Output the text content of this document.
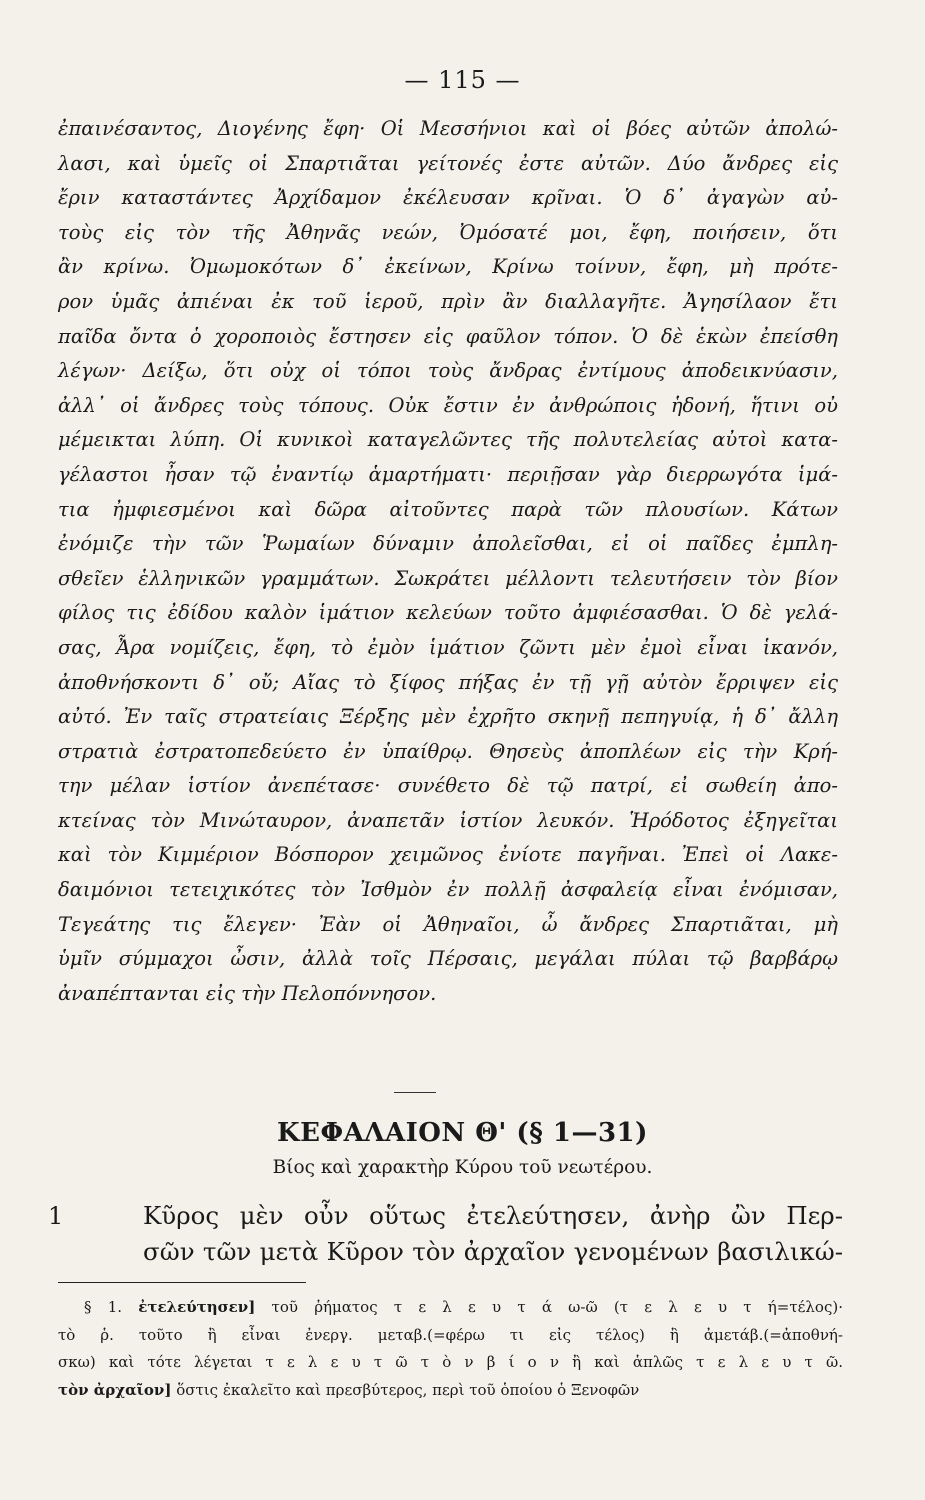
— 115 —
ἐπαινέσαντος, Διογένης ἔφη· Οἱ Μεσσήνιοι καὶ οἱ βόες αὐτῶν ἀπολώ-
λασι, καὶ ὑμεῖς οἱ Σπαρτιᾶται γείτονές ἐστε αὐτῶν. Δύο ἄνδρες εἰς
ἔριν καταστάντες Ἀρχίδαμον ἐκέλευσαν κρῖναι. Ὁ δ᾽ ἀγαγὼν αὐ-
τοὺς εἰς τὸν τῆς Ἀθηνᾶς νεών, Ὀμόσατέ μοι, ἔφη, ποιήσειν, ὅτι
ἂν κρίνω. Ὀμωμοκότων δ᾽ ἐκείνων, Κρίνω τοίνυν, ἔφη, μὴ πρότε-
ρον ὑμᾶς ἀπιέναι ἐκ τοῦ ἱεροῦ, πρὶν ἂν διαλλαγῆτε. Ἀγησίλαον ἔτι
παῖδα ὄντα ὁ χοροποιὸς ἔστησεν εἰς φαῦλον τόπον. Ὁ δὲ ἑκὼν ἐπείσθη
λέγων· Δείξω, ὅτι οὐχ οἱ τόποι τοὺς ἄνδρας ἐντίμους ἀποδεικνύασιν,
ἀλλ᾽ οἱ ἄνδρες τοὺς τόπους. Οὐκ ἔστιν ἐν ἀνθρώποις ἡδονή, ἥτινι οὐ
μέμεικται λύπη. Οἱ κυνικοὶ καταγελῶντες τῆς πολυτελείας αὐτοὶ κατα-
γέλαστοι ἦσαν τῷ ἐναντίῳ ἁμαρτήματι· περιῇσαν γὰρ διερρωγότα ἱμά-
τια ἠμφιεσμένοι καὶ δῶρα αἰτοῦντες παρὰ τῶν πλουσίων. Κάτων
ἐνόμιζε τὴν τῶν Ῥωμαίων δύναμιν ἀπολεῖσθαι, εἰ οἱ παῖδες ἐμπλη-
σθεῖεν ἑλληνικῶν γραμμάτων. Σωκράτει μέλλοντι τελευτήσειν τὸν βίον
φίλος τις ἐδίδου καλὸν ἱμάτιον κελεύων τοῦτο ἀμφιέσασθαι. Ὁ δὲ γελά-
σας, Ἆρα νομίζεις, ἔφη, τὸ ἐμὸν ἱμάτιον ζῶντι μὲν ἐμοὶ εἶναι ἱκανόν,
ἀποθνήσκοντι δ᾽ οὔ; Αἴας τὸ ξίφος πήξας ἐν τῇ γῇ αὐτὸν ἔρριψεν εἰς
αὐτό. Ἐν ταῖς στρατείαις Ξέρξης μὲν ἐχρῆτο σκηνῇ πεπηγυίᾳ, ἡ δ᾽ ἄλλη
στρατιὰ ἐστρατοπεδεύετο ἐν ὑπαίθρῳ. Θησεὺς ἀποπλέων εἰς τὴν Κρή-
την μέλαν ἱστίον ἀνεπέτασε· συνέθετο δὲ τῷ πατρί, εἰ σωθείη ἀπο-
κτείνας τὸν Μινώταυρον, ἀναπετᾶν ἱστίον λευκόν. Ἡρόδοτος ἐξηγεῖται
καὶ τὸν Κιμμέριον Βόσπορον χειμῶνος ἐνίοτε παγῆναι. Ἐπεὶ οἱ Λακε-
δαιμόνιοι τετειχικότες τὸν Ἰσθμὸν ἐν πολλῇ ἀσφαλείᾳ εἶναι ἐνόμισαν,
Τεγεάτης τις ἔλεγεν· Ἐὰν οἱ Ἀθηναῖοι, ὦ ἄνδρες Σπαρτιᾶται, μὴ
ὑμῖν σύμμαχοι ὦσιν, ἀλλὰ τοῖς Πέρσαις, μεγάλαι πύλαι τῷ βαρβάρῳ
ἀναπέπτανται εἰς τὴν Πελοπόννησον.
ΚΕΦΑΛΑΙΟΝ Θ' (§ 1—31)
Βίος καὶ χαρακτὴρ Κύρου τοῦ νεωτέρου.
1	Κῦρος μὲν οὖν οὕτως ἐτελεύτησεν, ἀνὴρ ὢν Περ-
σῶν τῶν μετὰ Κῦρον τὸν ἀρχαῖον γενομένων βασιλικώ-
§ 1. ἐτελεύτησεν] τοῦ ῥήματος τ ε λ ε υ τ ά ω-ῶ (τ ε λ ε υ τ ή=τέλος)·
τὸ ῥ. τοῦτο ἢ εἶναι ἐνεργ. μεταβ.(=φέρω τι εἰς τέλος) ἢ ἀμετάβ.(=ἀποθνή-
σκω) καὶ τότε λέγεται τ ε λ ε υ τ ῶ τ ὸ ν β ί ο ν ἢ καὶ ἁπλῶς τ ε λ ε υ τ ῶ.
τὸν ἀρχαῖον] ὅστις ἐκαλεῖτο καὶ πρεσβύτερος, περὶ τοῦ ὁποίου ὁ Ξενοφῶν
